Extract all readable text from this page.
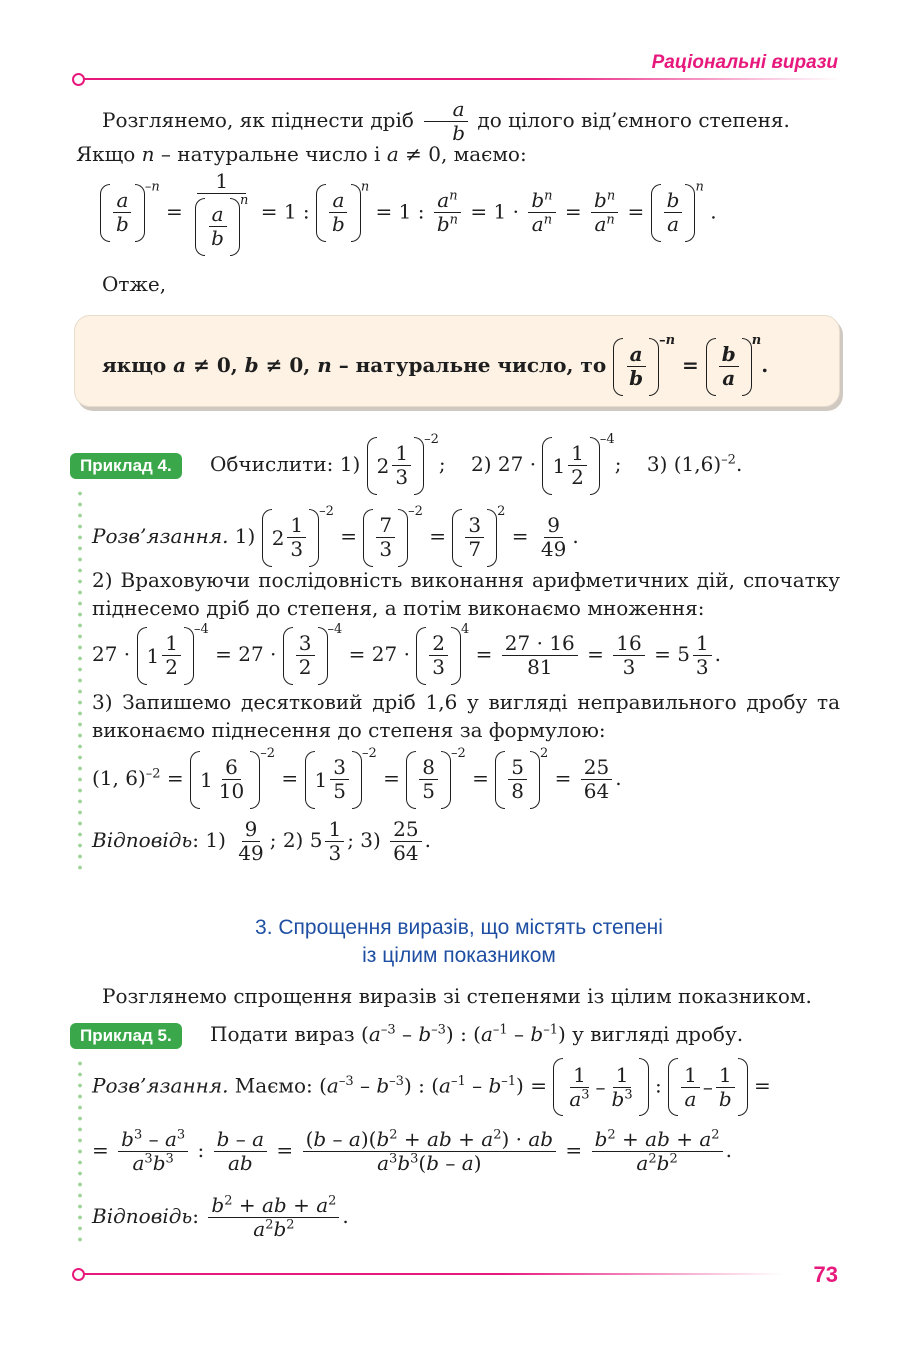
Раціональні вирази
Розглянемо, як піднести дріб $\frac{a}{b}$ до цілого від’ємного степеня.
Якщо n – натуральне число і a ≠ 0, маємо:
$\frac{a}{b}$
$^{-n}$ = 1
$\frac{a}{b}$
$^n$ = 1 : $\frac{a}{b}$
$^n$ = 1 : $\frac{a^n}{b^n} = 1 \cdot \frac{b^n}{a^n} = \frac{b^n}{a^n} = \frac{b}{a}$
$^n$ .
Отже,
якщо a ≠ 0, b ≠ 0, n – натуральне число, то $\frac{a}{b}$
$^{-n} = \frac{b}{a}$
$^n$.
Приклад 4.	Обчислити: 1) $2 \frac{1}{3}$
$^{-2}$;    2) 27 ·
$1 \frac{1}{2}$
$^{-4}$;    3) $(1,6)^{-2}$.
Розв’язання. 1)
$2 \frac{1}{3}$
$^{-2} = \frac{7}{3}$
$^{-2} = \frac{3}{7}$
$^2 = \frac{9}{49}$ .
2) Враховуючи послідовність виконання арифметичних дій, спочатку піднесемо дріб до степеня, а потім виконаємо множення:
27 ·
$1 \frac{1}{2}$
$^{-4} = 27 \cdot \frac{3}{2}$
$^{-4} = 27 \cdot \frac{2}{3}$
$^4 = \frac{27 \cdot 16}{81} = \frac{16}{3} = 5 \frac{1}{3}$ .
3) Запишемо десятковий дріб 1,6 у вигляді неправильного дробу та виконаємо піднесення до степеня за формулою:
(1, 6)$^{-2}$ =
$1 \frac{6}{10}$
$^{-2}$ =
$1 \frac{3}{5}$
$^{-2} = \frac{8}{5}$
$^{-2} = \frac{5}{8}$
$^2 = \frac{25}{64}$ .
Відповідь: $1) \frac{9}{49}$ ; 2) $5 \frac{1}{3}$ ; $3) \frac{25}{64}$ .
3. Спрощення виразів, що містять степені
із цілим показником
Розглянемо спрощення виразів зі степенями із цілим показником.
Приклад 5.	Подати вираз $(a^{-3} - b^{-3})$ : $(a^{-1} - b^{-1})$ у вигляді дробу.
Розв’язання. Маємо: $(a^{-3} - b^{-3})$ : $(a^{-1} - b^{-1}) = \frac{1}{a^3} - \frac{1}{b^3}$ : $\frac{1}{a} - \frac{1}{b}$ =
= $\frac{b^3 - a^3}{a^3b^3}$ : $\frac{b - a}{ab} = \frac{(b - a)(b^2 + ab + a^2) \cdot ab}{a^3b^3(b - a)} = \frac{b^2 + ab + a^2}{a^2b^2}$ .
Відповідь: $\frac{b^2 + ab + a^2}{a^2b^2}$ .
73
